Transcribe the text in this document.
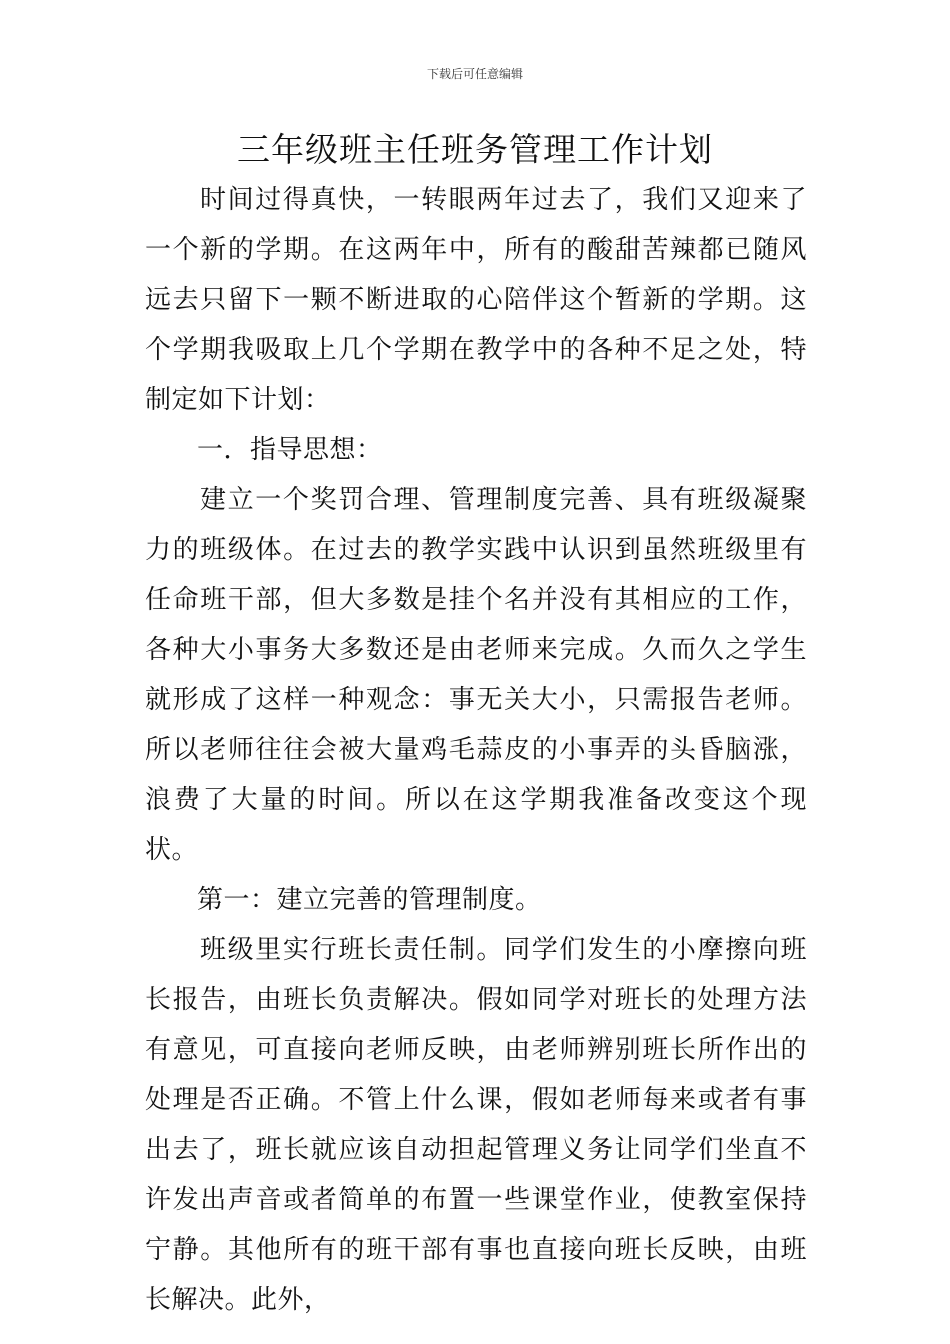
下载后可任意编辑
三年级班主任班务管理工作计划

时间过得真快，一转眼两年过去了，我们又迎来了一个新的学期。在这两年中，所有的酸甜苦辣都已随风远去只留下一颗不断进取的心陪伴这个暂新的学期。这个学期我吸取上几个学期在教学中的各种不足之处，特制定如下计划：

一．指导思想：

建立一个奖罚合理、管理制度完善、具有班级凝聚力的班级体。在过去的教学实践中认识到虽然班级里有任命班干部，但大多数是挂个名并没有其相应的工作，各种大小事务大多数还是由老师来完成。久而久之学生就形成了这样一种观念：事无关大小，只需报告老师。所以老师往往会被大量鸡毛蒜皮的小事弄的头昏脑涨，浪费了大量的时间。所以在这学期我准备改变这个现状。

第一：建立完善的管理制度。

班级里实行班长责任制。同学们发生的小摩擦向班长报告，由班长负责解决。假如同学对班长的处理方法有意见，可直接向老师反映，由老师辨别班长所作出的处理是否正确。不管上什么课，假如老师每来或者有事出去了，班长就应该自动担起管理义务让同学们坐直不许发出声音或者简单的布置一些课堂作业，使教室保持宁静。其他所有的班干部有事也直接向班长反映，由班长解决。此外，
